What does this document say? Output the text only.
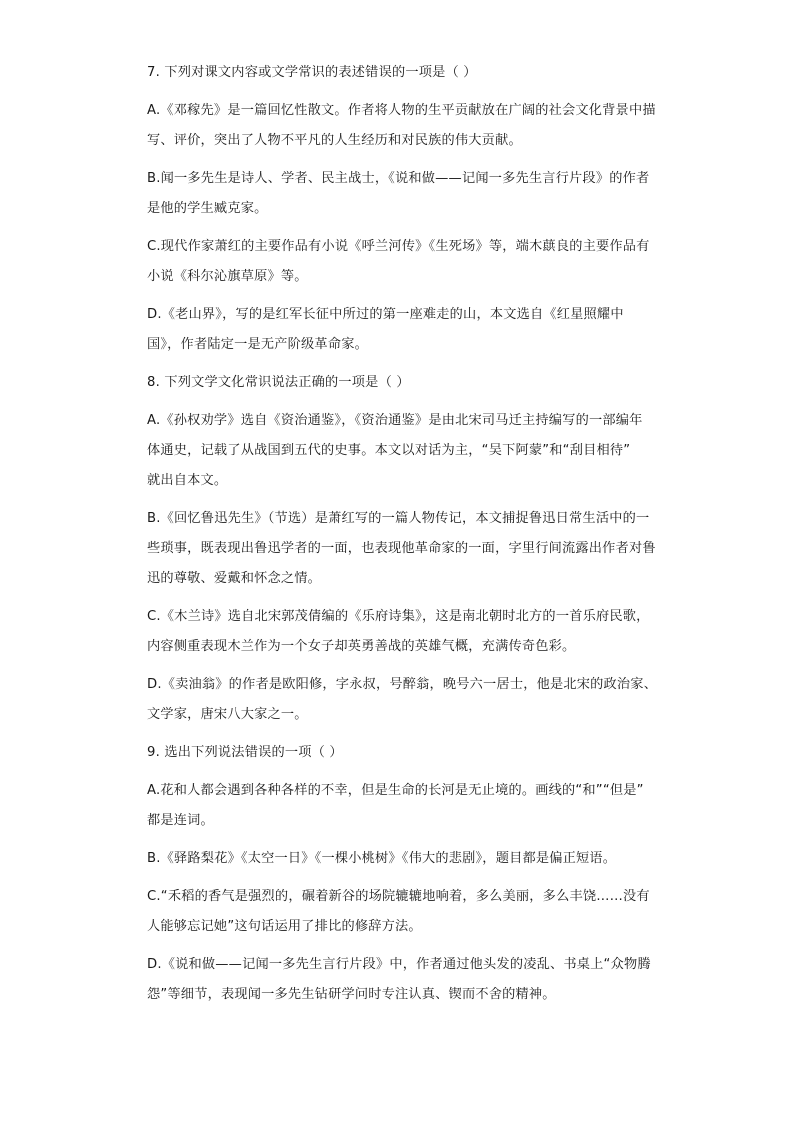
7. 下列对课文内容或文学常识的表述错误的一项是（ ）

A.《邓稼先》是一篇回忆性散文。作者将人物的生平贡献放在广阔的社会文化背景中描

写、评价，突出了人物不平凡的人生经历和对民族的伟大贡献。

B.闻一多先生是诗人、学者、民主战士，《说和做——记闻一多先生言行片段》的作者

是他的学生臧克家。

C.现代作家萧红的主要作品有小说《呼兰河传》《生死场》等，端木蕻良的主要作品有

小说《科尔沁旗草原》等。

D.《老山界》，写的是红军长征中所过的第一座难走的山，本文选自《红星照耀中

国》，作者陆定一是无产阶级革命家。

8. 下列文学文化常识说法正确的一项是（ ）

A.《孙权劝学》选自《资治通鉴》，《资治通鉴》是由北宋司马迁主持编写的一部编年

体通史，记载了从战国到五代的史事。本文以对话为主，“吴下阿蒙”和“刮目相待”

就出自本文。

B.《回忆鲁迅先生》（节选）是萧红写的一篇人物传记，本文捕捉鲁迅日常生活中的一

些琐事，既表现出鲁迅学者的一面，也表现他革命家的一面，字里行间流露出作者对鲁

迅的尊敬、爱戴和怀念之情。

C.《木兰诗》选自北宋郭茂倩编的《乐府诗集》，这是南北朝时北方的一首乐府民歌，

内容侧重表现木兰作为一个女子却英勇善战的英雄气概，充满传奇色彩。

D.《卖油翁》的作者是欧阳修，字永叔，号醉翁，晚号六一居士，他是北宋的政治家、

文学家，唐宋八大家之一。

9. 选出下列说法错误的一项（ ）

A.花和人都会遇到各种各样的不幸，但是生命的长河是无止境的。画线的“和”“但是”

都是连词。

B.《驿路梨花》《太空一日》《一棵小桃树》《伟大的悲剧》，题目都是偏正短语。

C.“禾稻的香气是强烈的，碾着新谷的场院辘辘地响着，多么美丽，多么丰饶……没有

人能够忘记她”这句话运用了排比的修辞方法。

D.《说和做——记闻一多先生言行片段》中，作者通过他头发的凌乱、书桌上“众物腾

怨”等细节，表现闻一多先生钻研学问时专注认真、锲而不舍的精神。
